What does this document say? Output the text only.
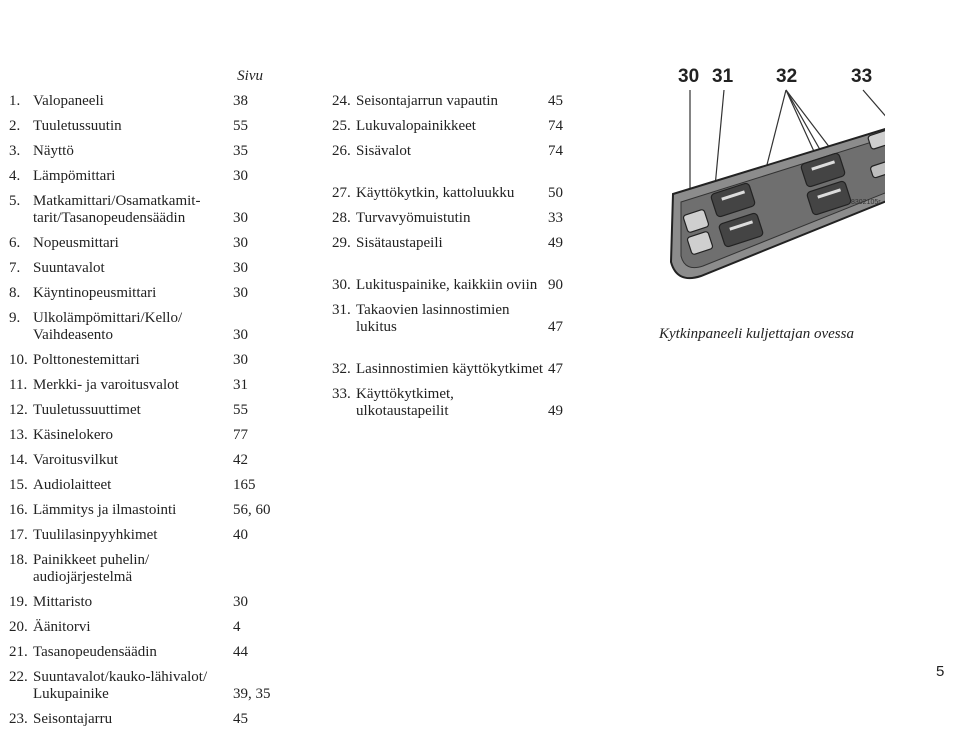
Sivu
1. Valopaneeli	38
2. Tuuletussuutin	55
3. Näyttö	35
4. Lämpömittari	30
5. Matkamittari/Osamatkamit-tarit/Tasanopeudensäädin	30
6. Nopeusmittari	30
7. Suuntavalot	30
8. Käyntinopeusmittari	30
9. Ulkolämpömittari/Kello/ Vaihdeasento	30
10. Polttonestemittari	30
11. Merkki- ja varoitusvalot	31
12. Tuuletussuuttimet	55
13. Käsinelokero	77
14. Varoitusvilkut	42
15. Audiolaitteet	165
16. Lämmitys ja ilmastointi	56, 60
17. Tuulilasinpyyhkimet	40
18. Painikkeet puhelin/ audiojärjestelmä
19. Mittaristo	30
20. Äänitorvi	4
21. Tasanopeudensäädin	44
22. Suuntavalot/kauko-lähivalot/ Lukupainike	39, 35
23. Seisontajarru	45
24. Seisontajarrun vapautin	45
25. Lukuvalopainikkeet	74
26. Sisävalot	74
27. Käyttökytkin, kattoluukku	50
28. Turvavyömuistutin	33
29. Sisätaustapeili	49
30. Lukituspainike, kaikkiin oviin 90
31. Takaovien lasinnostimien lukitus	47
32. Lasinnostimien käyttökytkimet 47
33. Käyttökytkimet, ulkotaustapeilit	49
30 31 32	33
8302105r
Kytkinpaneeli kuljettajan ovessa
5
